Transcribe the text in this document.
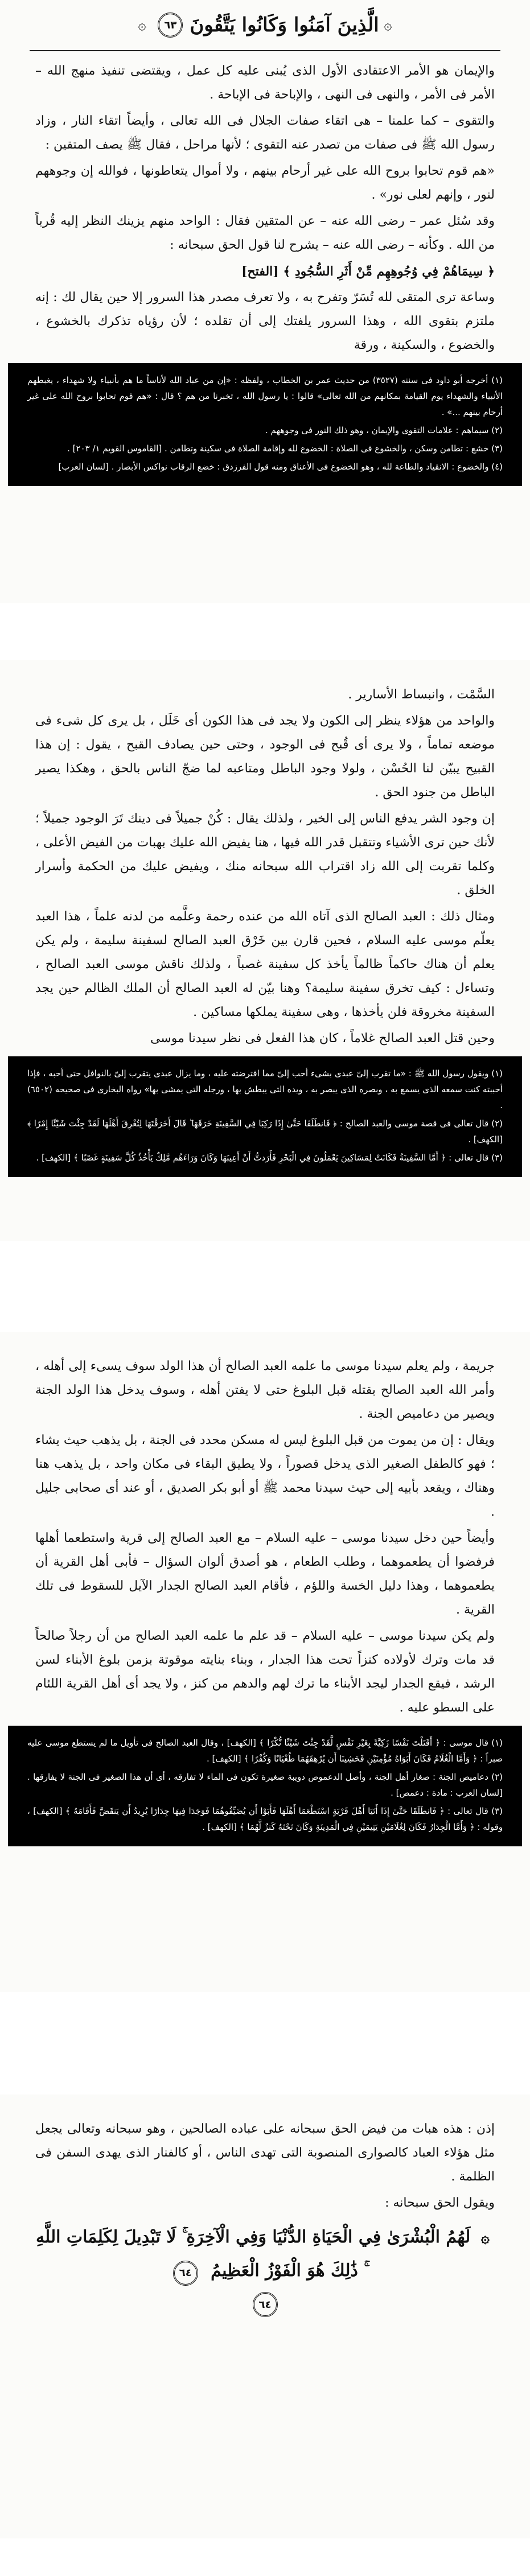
۞
الَّذِينَ آمَنُوا وَكَانُوا يَتَّقُونَ
٦٣
۞

والإيمان هو الأمر الاعتقادى الأول الذى يُبنى عليه كل عمل ، ويقتضى تنفيذ منهج الله – الأمر فى الأمر ، والنهى فى النهى ، والإباحة فى الإباحة .

والتقوى – كما علمنا – هى اتقاء صفات الجلال فى الله تعالى ، وأيضاً اتقاء النار ، وزاد رسول الله ﷺ فى صفات من تصدر عنه التقوى ؛ لأنها مراحل ، فقال ﷺ يصف المتقين :

«هم قوم تحابوا بروح الله على غير أرحام بينهم ، ولا أموال يتعاطونها ، فوالله إن وجوههم لنور ، وإنهم لعلى نور» .

وقد سُئل عمر – رضى الله عنه – عن المتقين فقال : الواحد منهم يزينك النظر إليه قُرباً من الله . وكأنه – رضى الله عنه – يشرح لنا قول الحق سبحانه :

﴿ سِيمَاهُمْ فِي وُجُوهِهِم مِّنْ أَثَرِ السُّجُودِ ﴾ [الفتح]

وساعة ترى المتقى لله تُسَرّ وتفرح به ، ولا تعرف مصدر هذا السرور إلا حين يقال لك : إنه ملتزم بتقوى الله ، وهذا السرور يلفتك إلى أن تقلده ؛ لأن رؤياه تذكرك بالخشوع ، والخضوع ، والسكينة ، ورقة

(١) أخرجه أبو داود فى سننه (٣٥٢٧) من حديث عمر بن الخطاب ، ولفظه : «إن من عباد الله لأناساً ما هم بأنبياء ولا شهداء ، يغبطهم الأنبياء والشهداء يوم القيامة بمكانهم من الله تعالى» قالوا : يا رسول الله ، تخبرنا من هم ؟ قال : «هم قوم تحابوا بروح الله على غير أرحام بينهم ...» .
(٢) سيماهم : علامات التقوى والإيمان ، وهو ذلك النور فى وجوههم .
(٣) خشع : تطامن وسكن ، والخشوع فى الصلاة : الخضوع لله وإقامة الصلاة فى سكينة وتطامن . [القاموس القويم ١/ ٢٠٣] .
(٤) والخضوع : الانقياد والطاعة لله ، وهو الخضوع فى الأعناق ومنه قول الفرزدق : خضع الرقاب نواكس الأبصار . [لسان العرب]

السَّمْت ، وانبساط الأسارير .

والواحد من هؤلاء ينظر إلى الكون ولا يجد فى هذا الكون أى خَلَل ، بل يرى كل شىء فى موضعه تماماً ، ولا يرى أى قُبح فى الوجود ، وحتى حين يصادف القبح ، يقول : إن هذا القبيح يبيّن لنا الحُسْن ، ولولا وجود الباطل ومتاعبه لما ضجّ الناس بالحق ، وهكذا يصير الباطل من جنود الحق .

إن وجود الشر يدفع الناس إلى الخير ، ولذلك يقال : كُنْ جميلاً فى دينك تَرَ الوجود جميلاً ؛ لأنك حين ترى الأشياء وتتقبل قدر الله فيها ، هنا يفيض الله عليك بهبات من الفيض الأعلى ، وكلما تقربت إلى الله زاد اقتراب الله سبحانه منك ، ويفيض عليك من الحكمة وأسرار الخلق .

ومثال ذلك : العبد الصالح الذى آتاه الله من عنده رحمة وعلَّمه من لدنه علماً ، هذا العبد يعلّم موسى عليه السلام ، فحين قارن بين خَرْق العبد الصالح لسفينة سليمة ، ولم يكن يعلم أن هناك حاكماً ظالماً يأخذ كل سفينة غصباً ، ولذلك ناقش موسى العبد الصالح ، وتساءل : كيف تخرق سفينة سليمة؟ وهنا بيّن له العبد الصالح أن الملك الظالم حين يجد السفينة مخروقة فلن يأخذها ، وهى سفينة يملكها مساكين .

وحين قتل العبد الصالح غلاماً ، كان هذا الفعل فى نظر سيدنا موسى

(١) ويقول رسول الله ﷺ : «ما تقرب إلىّ عبدى بشىء أحب إلىّ مما افترضته عليه ، وما يزال عبدى يتقرب إلىّ بالنوافل حتى أحبه ، فإذا أحببته كنت سمعه الذى يسمع به ، وبصره الذى يبصر به ، ويده التى يبطش بها ، ورجله التى يمشى بها» رواه البخارى فى صحيحه (٦٥٠٢) .
(٢) قال تعالى فى قصة موسى والعبد الصالح : ﴿ فَانطَلَقَا حَتَّىٰ إِذَا رَكِبَا فِي السَّفِينَةِ خَرَقَهَا ۖ قَالَ أَخَرَقْتَهَا لِتُغْرِقَ أَهْلَهَا لَقَدْ جِئْتَ شَيْئًا إِمْرًا ﴾ [الكهف] .
(٣) قال تعالى : ﴿ أَمَّا السَّفِينَةُ فَكَانَتْ لِمَسَاكِينَ يَعْمَلُونَ فِي الْبَحْرِ فَأَرَدتُّ أَنْ أَعِيبَهَا وَكَانَ وَرَاءَهُم مَّلِكٌ يَأْخُذُ كُلَّ سَفِينَةٍ غَصْبًا ﴾ [الكهف] .

جريمة ، ولم يعلم سيدنا موسى ما علمه العبد الصالح أن هذا الولد سوف يسىء إلى أهله ، وأمر الله العبد الصالح بقتله قبل البلوغ حتى لا يفتن أهله ، وسوف يدخل هذا الولد الجنة ويصير من دعاميص الجنة .

ويقال : إن من يموت من قبل البلوغ ليس له مسكن محدد فى الجنة ، بل يذهب حيث يشاء ؛ فهو كالطفل الصغير الذى يدخل قصوراً ، ولا يطيق البقاء فى مكان واحد ، بل يذهب هنا وهناك ، ويقعد بأبيه إلى حيث سيدنا محمد ﷺ أو أبو بكر الصديق ، أو عند أى صحابى جليل .

وأيضاً حين دخل سيدنا موسى – عليه السلام – مع العبد الصالح إلى قرية واستطعما أهلها فرفضوا أن يطعموهما ، وطلب الطعام ، هو أصدق ألوان السؤال – فأبى أهل القرية أن يطعموهما ، وهذا دليل الخسة واللؤم ، فأقام العبد الصالح الجدار الآيل للسقوط فى تلك القرية .

ولم يكن سيدنا موسى – عليه السلام – قد علم ما علمه العبد الصالح من أن رجلاً صالحاً قد مات وترك لأولاده كنزاً تحت هذا الجدار ، وبناء بنايته موقوتة بزمن بلوغ الأبناء لسن الرشد ، فيقع الجدار ليجد الأبناء ما ترك لهم والدهم من كنز ، ولا يجد أى أهل القرية اللئام على السطو عليه .

(١) قال موسى : ﴿ أَقَتَلْتَ نَفْسًا زَكِيَّةً بِغَيْرِ نَفْسٍ لَّقَدْ جِئْتَ شَيْئًا نُّكْرًا ﴾ [الكهف] ، وقال العبد الصالح فى تأويل ما لم يستطع موسى عليه صبراً : ﴿ وَأَمَّا الْغُلَامُ فَكَانَ أَبَوَاهُ مُؤْمِنَيْنِ فَخَشِينَا أَن يُرْهِقَهُمَا طُغْيَانًا وَكُفْرًا ﴾ [الكهف] .
(٢) دعاميص الجنة : صغار أهل الجنة ، وأصل الدعموص دويبة صغيرة تكون فى الماء لا تفارقه ، أى أن هذا الصغير فى الجنة لا يفارقها . [لسان العرب : مادة : دعمص] .
(٣) قال تعالى : ﴿ فَانطَلَقَا حَتَّىٰ إِذَا أَتَيَا أَهْلَ قَرْيَةٍ اسْتَطْعَمَا أَهْلَهَا فَأَبَوْا أَن يُضَيِّفُوهُمَا فَوَجَدَا فِيهَا جِدَارًا يُرِيدُ أَن يَنقَضَّ فَأَقَامَهُ ﴾ [الكهف] ، وقوله : ﴿ وَأَمَّا الْجِدَارُ فَكَانَ لِغُلَامَيْنِ يَتِيمَيْنِ فِي الْمَدِينَةِ وَكَانَ تَحْتَهُ كَنزٌ لَّهُمَا ﴾ [الكهف] .

إذن : هذه هبات من فيض الحق سبحانه على عباده الصالحين ، وهو سبحانه وتعالى يجعل مثل هؤلاء العباد كالصوارى المنصوبة التى تهدى الناس ، أو كالفنار الذى يهدى السفن فى الظلمة .

ويقول الحق سبحانه :

۞ لَهُمُ الْبُشْرَىٰ فِي الْحَيَاةِ الدُّنْيَا وَفِي الْآخِرَةِ ۚ لَا تَبْدِيلَ لِكَلِمَاتِ اللَّهِ ۚ ذَٰلِكَ هُوَ الْفَوْزُ الْعَظِيمُ ٦٤
٦٤
